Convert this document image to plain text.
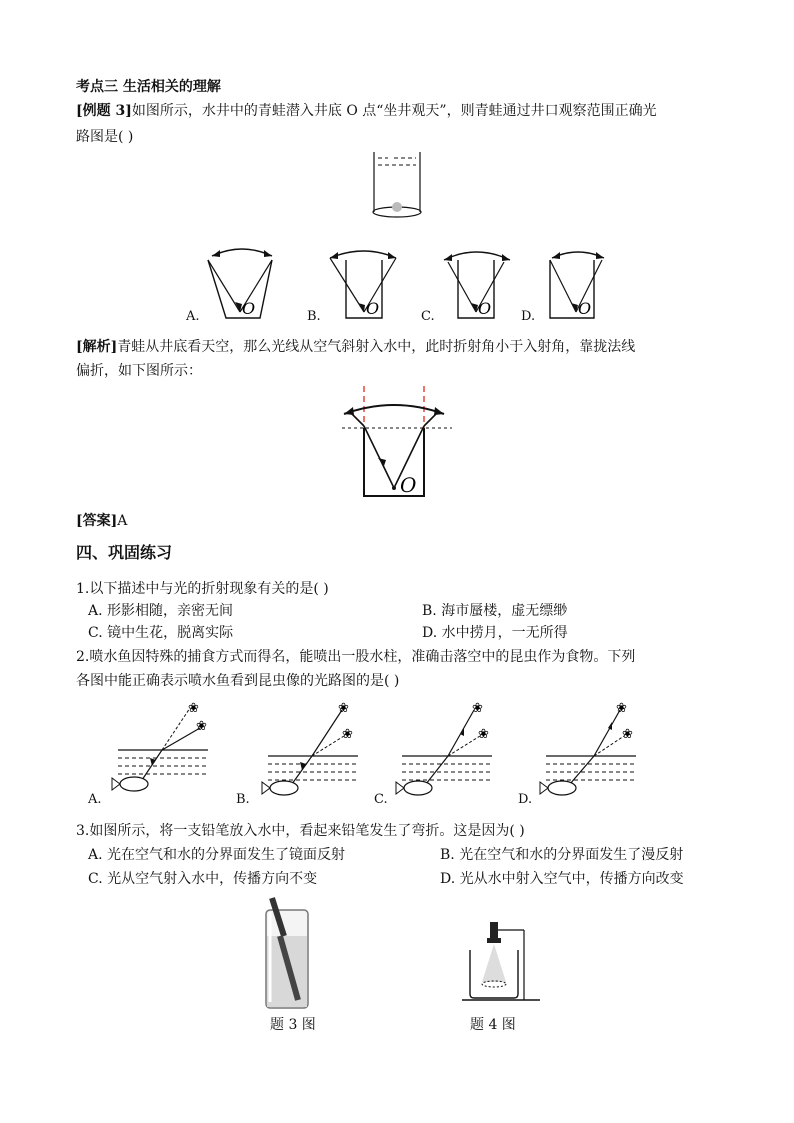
考点三 生活相关的理解
[例题 3]如图所示，水井中的青蛙潜入井底 O 点“坐井观天”，则青蛙通过井口观察范围正确光
路图是( )
A.	B.	C.	D.
O	O	O	O
[解析]青蛙从井底看天空，那么光线从空气斜射入水中，此时折射角小于入射角，靠拢法线
偏折，如下图所示：
O
[答案]A
四、巩固练习
1.以下描述中与光的折射现象有关的是( )
A. 形影相随，亲密无间	B. 海市蜃楼，虚无缥缈
C. 镜中生花，脱离实际	D. 水中捞月，一无所得
2.喷水鱼因特殊的捕食方式而得名，能喷出一股水柱，准确击落空中的昆虫作为食物。下列
各图中能正确表示喷水鱼看到昆虫像的光路图的是( )
❀
❀
❀
❀
❀
❀
❀
❀
A.	B.	C.	D.
3.如图所示，将一支铅笔放入水中，看起来铅笔发生了弯折。这是因为( )
A. 光在空气和水的分界面发生了镜面反射	B. 光在空气和水的分界面发生了漫反射
C. 光从空气射入水中，传播方向不变	D. 光从水中射入空气中，传播方向改变
题 3 图	题 4 图
